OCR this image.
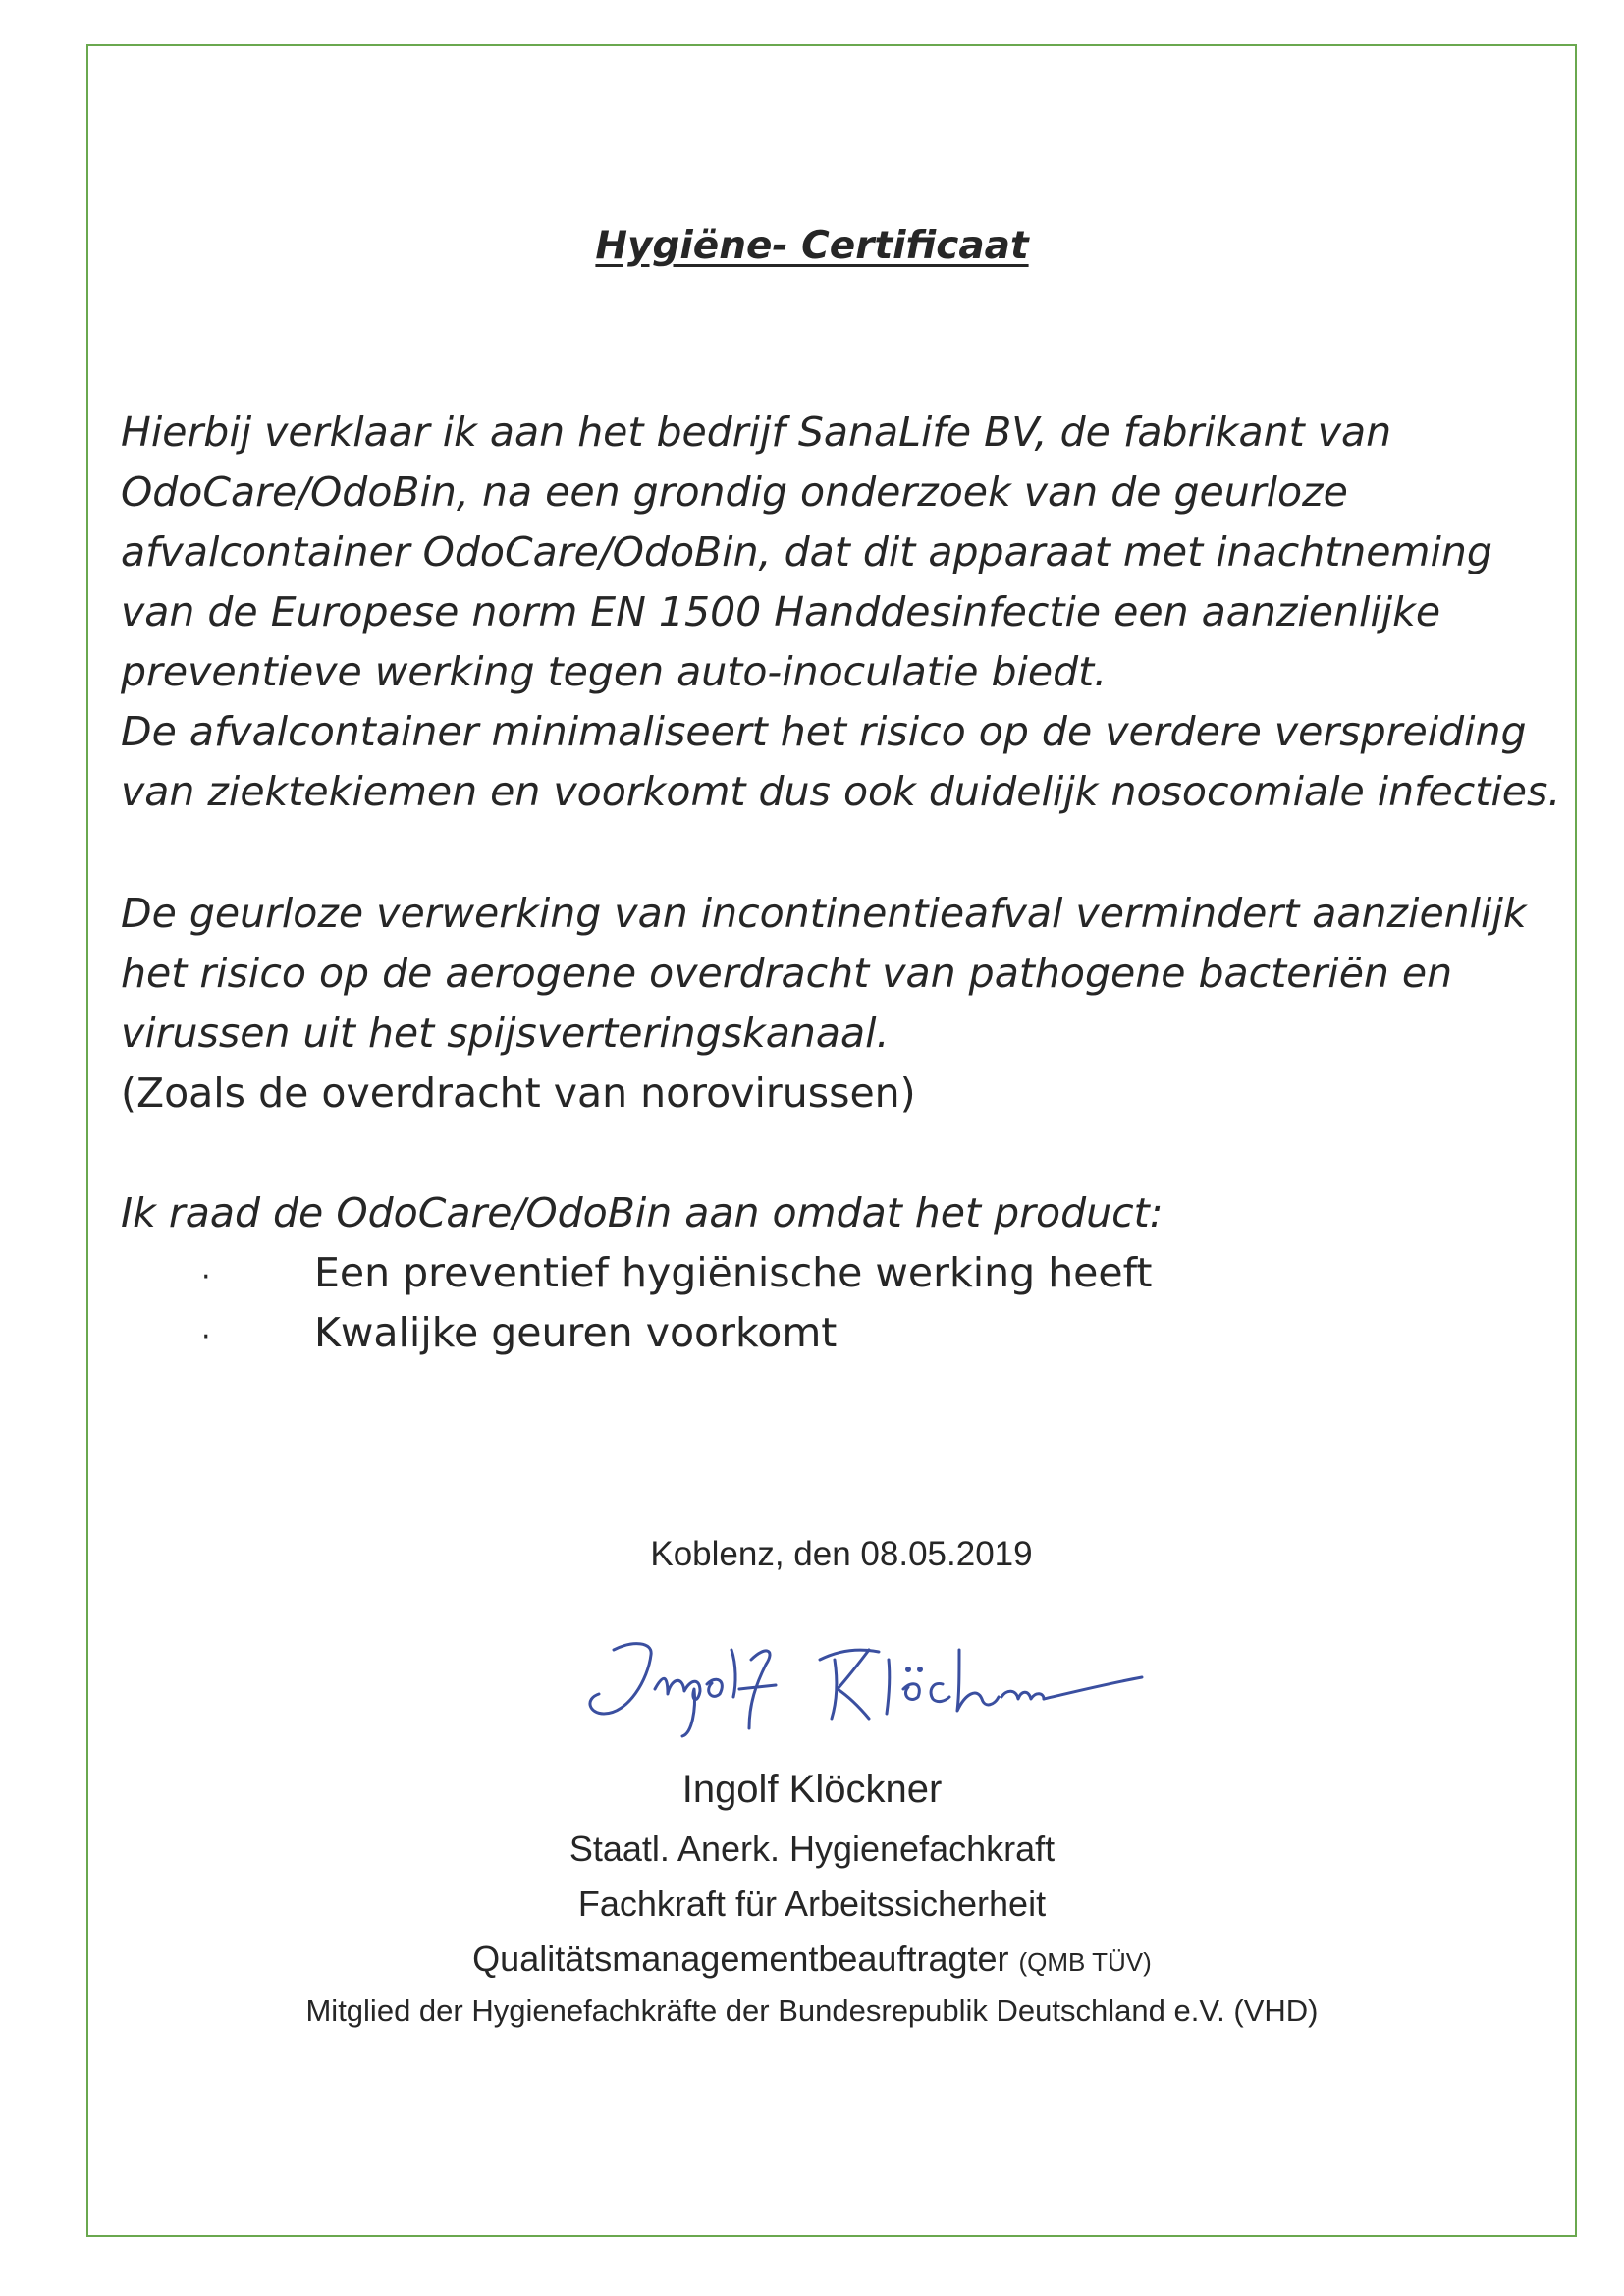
Hygiëne- Certificaat
Hierbij verklaar ik aan het bedrijf SanaLife BV, de fabrikant van
OdoCare/OdoBin, na een grondig onderzoek van de geurloze
afvalcontainer OdoCare/OdoBin, dat dit apparaat met inachtneming
van de Europese norm EN 1500 Handdesinfectie een aanzienlijke
preventieve werking tegen auto-inoculatie biedt.
De afvalcontainer minimaliseert het risico op de verdere verspreiding
van ziektekiemen en voorkomt dus ook duidelijk nosocomiale infecties.
De geurloze verwerking van incontinentieafval vermindert aanzienlijk
het risico op de aerogene overdracht van pathogene bacteriën en
virussen uit het spijsverteringskanaal.
(Zoals de overdracht van norovirussen)
Ik raad de OdoCare/OdoBin aan omdat het product:
·	Een preventief hygiënische werking heeft
·	Kwalijke geuren voorkomt
Koblenz, den 08.05.2019
Ingolf Klöckner
Staatl. Anerk. Hygienefachkraft
Fachkraft für Arbeitssicherheit
Qualitätsmanagementbeauftragter (QMB TÜV)
Mitglied der Hygienefachkräfte der Bundesrepublik Deutschland e.V. (VHD)
